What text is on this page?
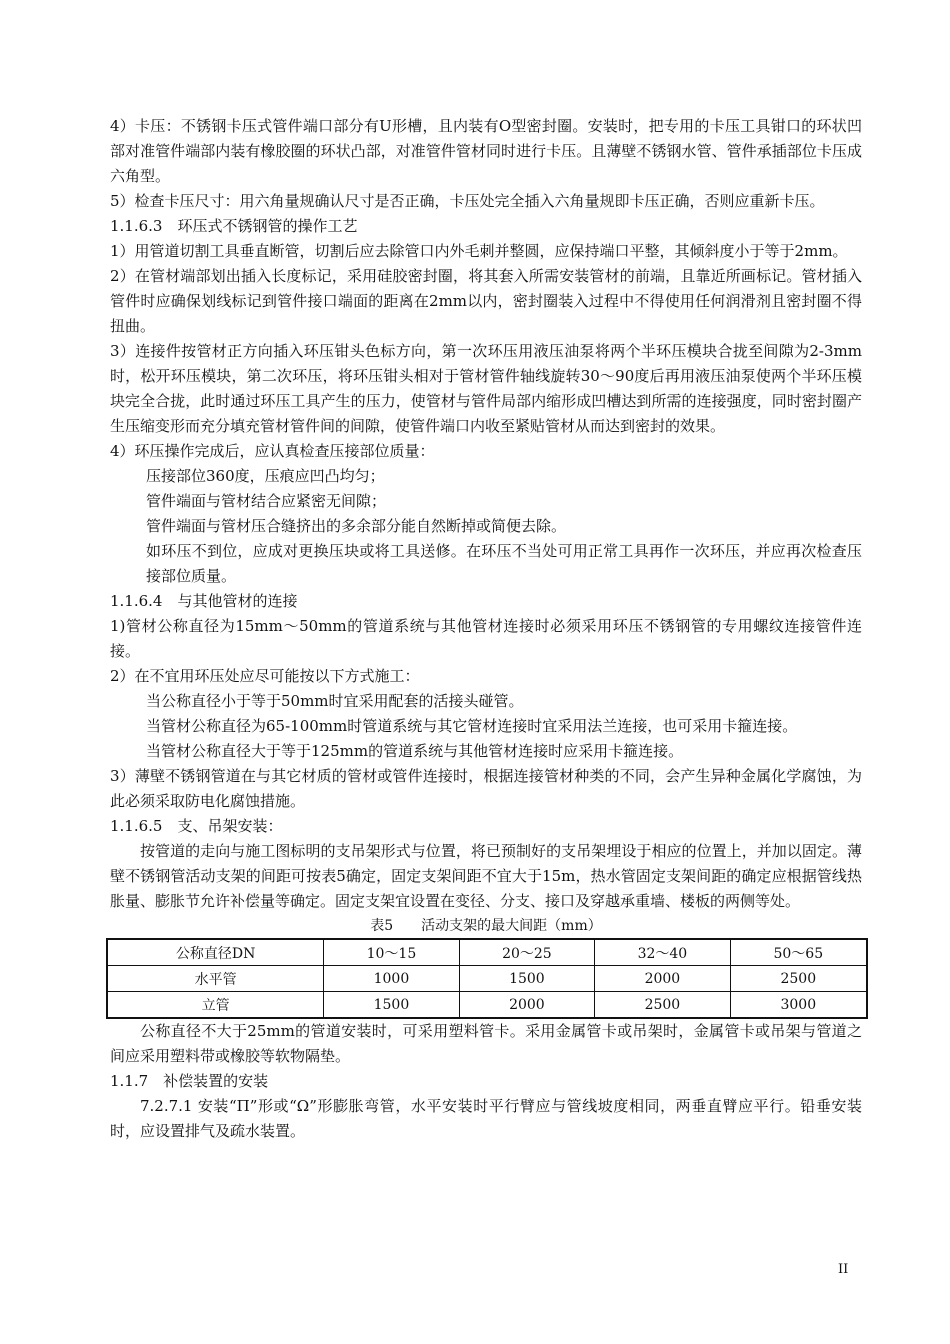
4）卡压：不锈钢卡压式管件端口部分有U形槽，且内装有O型密封圈。安装时，把专用的卡压工具钳口的环状凹部对准管件端部内装有橡胶圈的环状凸部，对准管件管材同时进行卡压。且薄壁不锈钢水管、管件承插部位卡压成六角型。

5）检查卡压尺寸：用六角量规确认尺寸是否正确，卡压处完全插入六角量规即卡压正确，否则应重新卡压。

1.1.6.3　环压式不锈钢管的操作工艺

1）用管道切割工具垂直断管，切割后应去除管口内外毛刺并整圆，应保持端口平整，其倾斜度小于等于2mm。

2）在管材端部划出插入长度标记，采用硅胶密封圈，将其套入所需安装管材的前端，且靠近所画标记。管材插入管件时应确保划线标记到管件接口端面的距离在2mm以内，密封圈装入过程中不得使用任何润滑剂且密封圈不得扭曲。

3）连接件按管材正方向插入环压钳头色标方向，第一次环压用液压油泵将两个半环压模块合拢至间隙为2-3mm时，松开环压模块，第二次环压，将环压钳头相对于管材管件轴线旋转30～90度后再用液压油泵使两个半环压模块完全合拢，此时通过环压工具产生的压力，使管材与管件局部内缩形成凹槽达到所需的连接强度，同时密封圈产生压缩变形而充分填充管材管件间的间隙，使管件端口内收至紧贴管材从而达到密封的效果。

4）环压操作完成后，应认真检查压接部位质量：

压接部位360度，压痕应凹凸均匀；

管件端面与管材结合应紧密无间隙；

管件端面与管材压合缝挤出的多余部分能自然断掉或简便去除。

如环压不到位，应成对更换压块或将工具送修。在环压不当处可用正常工具再作一次环压，并应再次检查压接部位质量。

1.1.6.4　与其他管材的连接

1)管材公称直径为15mm～50mm的管道系统与其他管材连接时必须采用环压不锈钢管的专用螺纹连接管件连接。

2）在不宜用环压处应尽可能按以下方式施工：

当公称直径小于等于50mm时宜采用配套的活接头碰管。

当管材公称直径为65-100mm时管道系统与其它管材连接时宜采用法兰连接，也可采用卡箍连接。

当管材公称直径大于等于125mm的管道系统与其他管材连接时应采用卡箍连接。

3）薄壁不锈钢管道在与其它材质的管材或管件连接时，根据连接管材种类的不同，会产生异种金属化学腐蚀，为此必须采取防电化腐蚀措施。

1.1.6.5　支、吊架安装：

按管道的走向与施工图标明的支吊架形式与位置，将已预制好的支吊架埋设于相应的位置上，并加以固定。薄壁不锈钢管活动支架的间距可按表5确定，固定支架间距不宜大于15m，热水管固定支架间距的确定应根据管线热胀量、膨胀节允许补偿量等确定。固定支架宜设置在变径、分支、接口及穿越承重墙、楼板的两侧等处。

表5　　活动支架的最大间距（mm）

公称直径DN	10～15	20～25	32～40	50～65
水平管	1000	1500	2000	2500
立管	1500	2000	2500	3000

公称直径不大于25mm的管道安装时，可采用塑料管卡。采用金属管卡或吊架时，金属管卡或吊架与管道之间应采用塑料带或橡胶等软物隔垫。

1.1.7　补偿装置的安装

7.2.7.1 安装“Π”形或“Ω”形膨胀弯管，水平安装时平行臂应与管线坡度相同，两垂直臂应平行。铅垂安装时，应设置排气及疏水装置。

II
